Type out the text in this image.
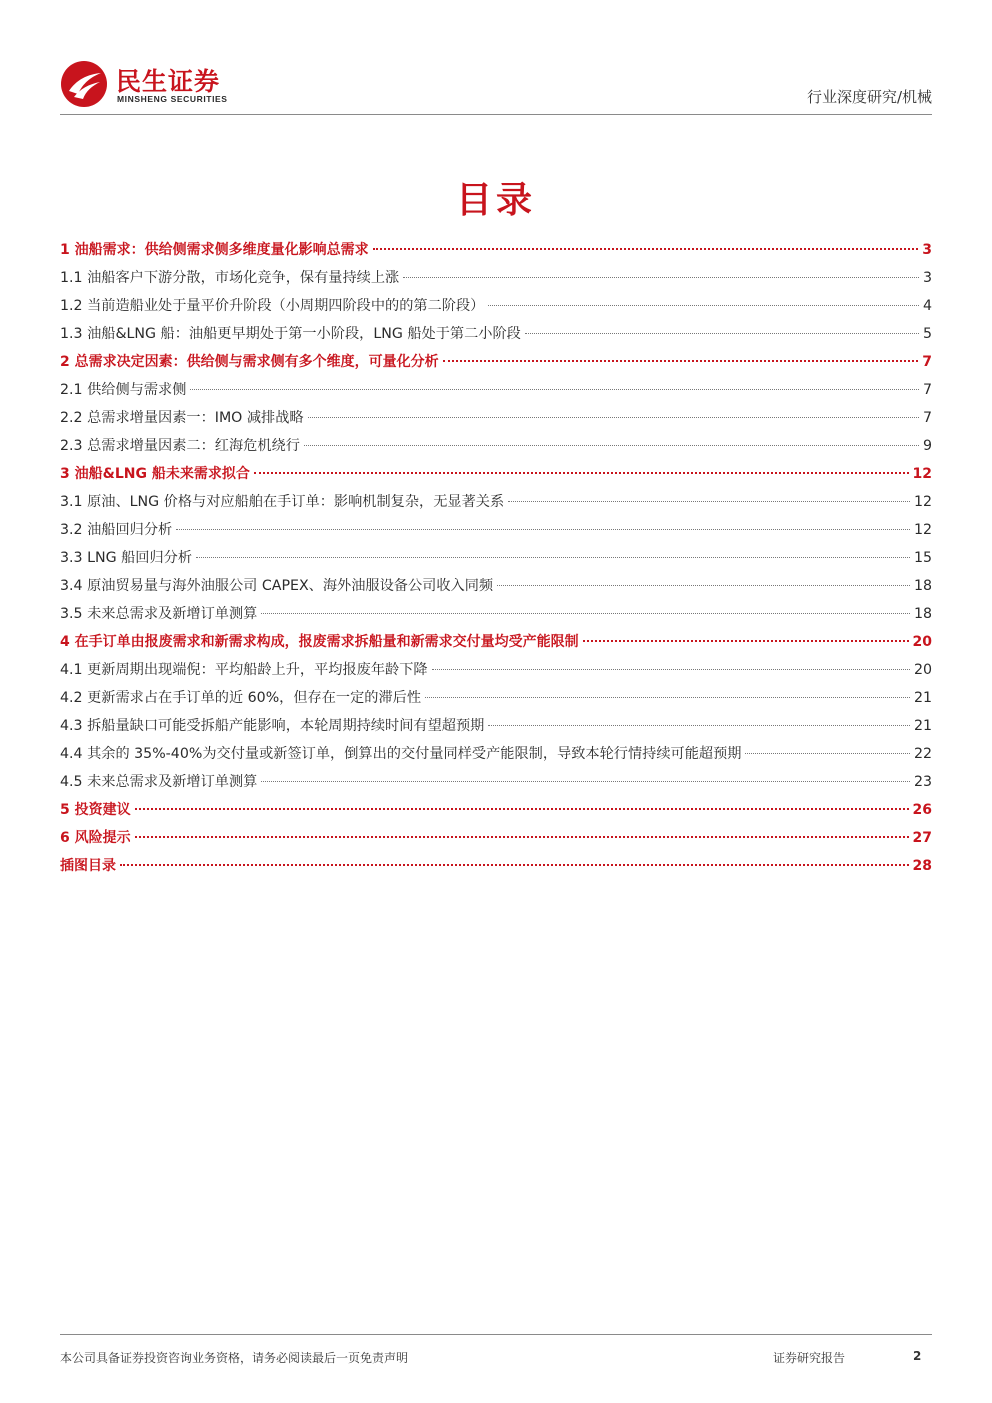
民生证券
MINSHENG SECURITIES	行业深度研究/机械
目录
1 油船需求：供给侧需求侧多维度量化影响总需求	3
1.1 油船客户下游分散，市场化竞争，保有量持续上涨	3
1.2 当前造船业处于量平价升阶段（小周期四阶段中的的第二阶段）	4
1.3 油船&LNG 船：油船更早期处于第一小阶段，LNG 船处于第二小阶段	5
2 总需求决定因素：供给侧与需求侧有多个维度，可量化分析	7
2.1 供给侧与需求侧	7
2.2 总需求增量因素一：IMO 减排战略	7
2.3 总需求增量因素二：红海危机绕行	9
3 油船&LNG 船未来需求拟合	12
3.1 原油、LNG 价格与对应船舶在手订单：影响机制复杂，无显著关系	12
3.2 油船回归分析	12
3.3 LNG 船回归分析	15
3.4 原油贸易量与海外油服公司 CAPEX、海外油服设备公司收入同频	18
3.5 未来总需求及新增订单测算	18
4 在手订单由报废需求和新需求构成，报废需求拆船量和新需求交付量均受产能限制	20
4.1 更新周期出现端倪：平均船龄上升，平均报废年龄下降	20
4.2 更新需求占在手订单的近 60%，但存在一定的滞后性	21
4.3 拆船量缺口可能受拆船产能影响，本轮周期持续时间有望超预期	21
4.4 其余的 35%-40%为交付量或新签订单，倒算出的交付量同样受产能限制，导致本轮行情持续可能超预期	22
4.5 未来总需求及新增订单测算	23
5 投资建议	26
6 风险提示	27
插图目录	28
本公司具备证券投资咨询业务资格，请务必阅读最后一页免责声明	证券研究报告	2
